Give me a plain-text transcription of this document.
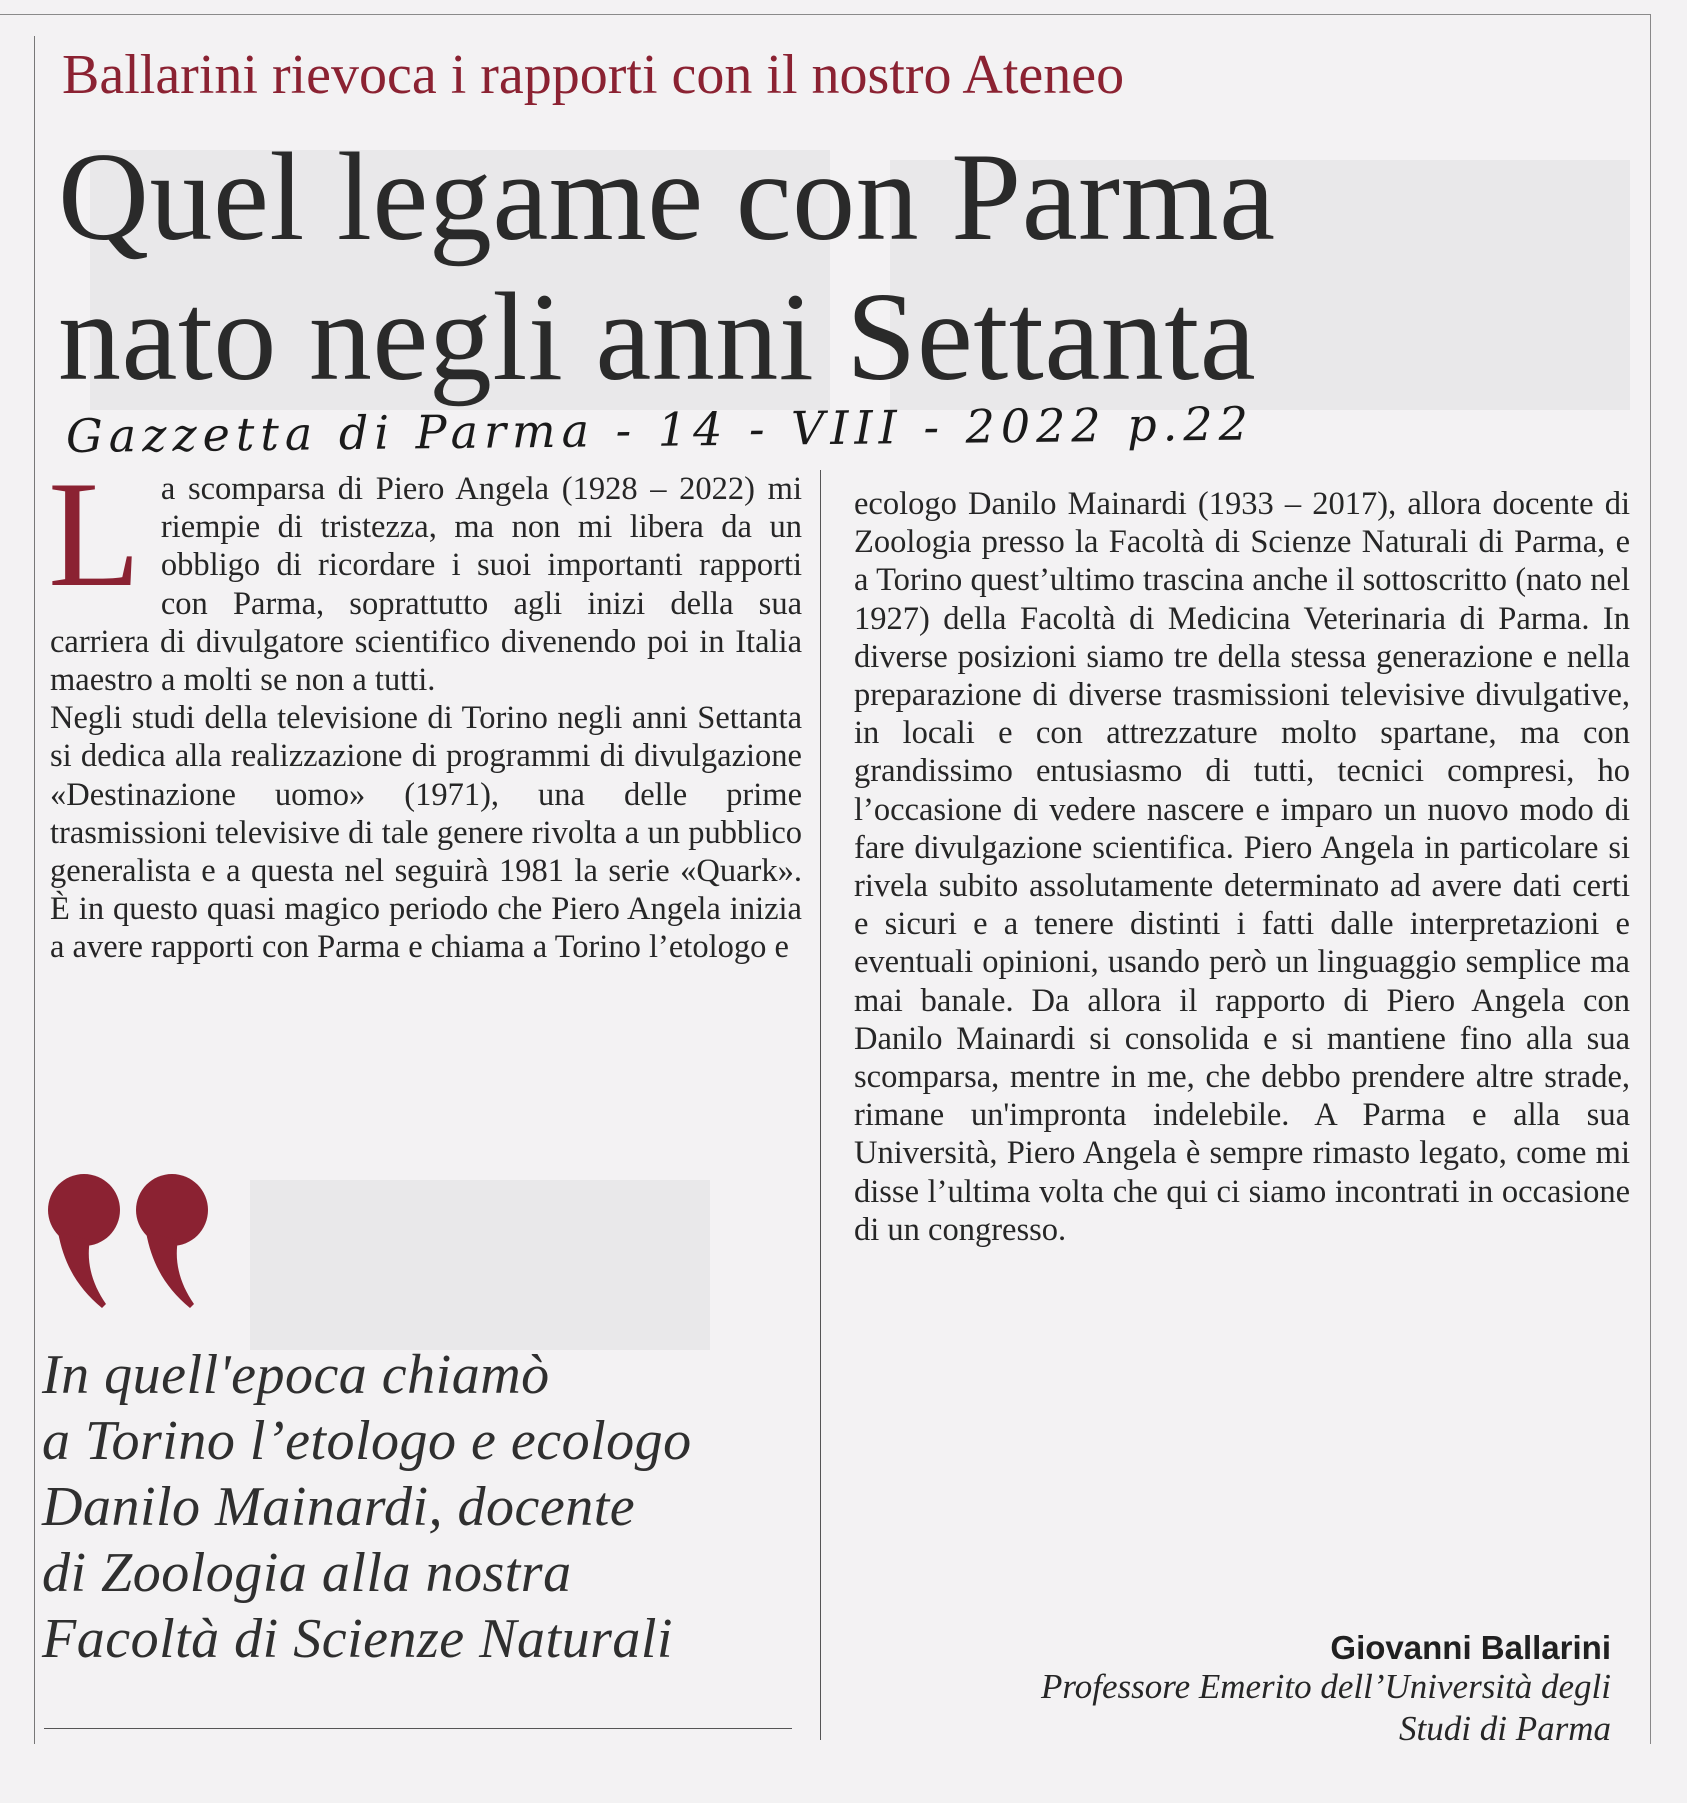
Ballarini rievoca i rapporti con il nostro Ateneo
Quel legame con Parma
nato negli anni Settanta
Gazzetta di Parma - 14 - VIII - 2022 p.22

La scomparsa di Piero Angela (1928 – 2022) mi riempie di tristezza, ma non mi libera da un obbligo di ricordare i suoi importanti rapporti con Parma, soprattutto agli inizi della sua carriera di divulgatore scientifico divenendo poi in Italia maestro a molti se non a tutti.

Negli studi della televisione di Torino negli anni Settanta si dedica alla realizzazione di programmi di divulgazione «Destinazione uomo» (1971), una delle prime trasmissioni televisive di tale genere rivolta a un pubblico generalista e a questa nel seguirà 1981 la serie «Quark». È in questo quasi magico periodo che Piero Angela inizia a avere rapporti con Parma e chiama a Torino l’etologo e

ecologo Danilo Mainardi (1933 – 2017), allora docente di Zoologia presso la Facoltà di Scienze Naturali di Parma, e a Torino quest’ultimo trascina anche il sottoscritto (nato nel 1927) della Facoltà di Medicina Veterinaria di Parma. In diverse posizioni siamo tre della stessa generazione e nella preparazione di diverse trasmissioni televisive divulgative, in locali e con attrezzature molto spartane, ma con grandissimo entusiasmo di tutti, tecnici compresi, ho l’occasione di vedere nascere e imparo un nuovo modo di fare divulgazione scientifica. Piero Angela in particolare si rivela subito assolutamente determinato ad avere dati certi e sicuri e a tenere distinti i fatti dalle interpretazioni e eventuali opinioni, usando però un linguaggio semplice ma mai banale. Da allora il rapporto di Piero Angela con Danilo Mainardi si consolida e si mantiene fino alla sua scomparsa, mentre in me, che debbo prendere altre strade, rimane un'impronta indelebile. A Parma e alla sua Università, Piero Angela è sempre rimasto legato, come mi disse l’ultima volta che qui ci siamo incontrati in occasione di un congresso.

In quell'epoca chiamò
a Torino l’etologo e ecologo
Danilo Mainardi, docente
di Zoologia alla nostra
Facoltà di Scienze Naturali	Giovanni Ballarini
Professore Emerito dell’Università degli
Studi di Parma
